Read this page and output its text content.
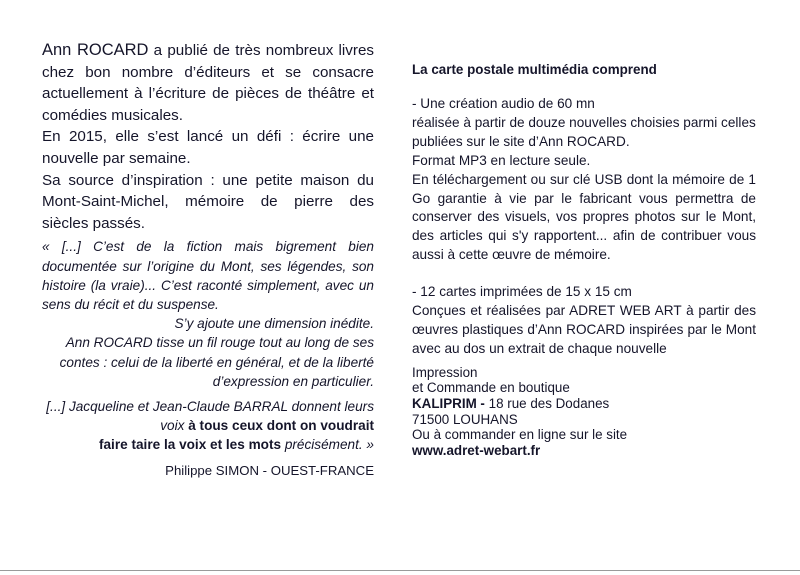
Ann ROCARD a publié de très nombreux livres chez bon nombre d’éditeurs et se consacre actuellement à l’écriture de pièces de théâtre et comédies musicales.

En 2015, elle s’est lancé un défi : écrire une nouvelle par semaine.

Sa source d’inspiration : une petite maison du Mont-Saint-Michel, mémoire de pierre des siècles passés.

« [...] C’est de la fiction mais bigrement bien documentée sur l’origine du Mont, ses légendes, son histoire (la vraie)... C’est raconté simplement, avec un sens du récit et du suspense.

S’y ajoute une dimension inédite.

Ann ROCARD tisse un fil rouge tout au long de ses contes : celui de la liberté en général, et de la liberté d’expression en particulier.

[...] Jacqueline et Jean-Claude BARRAL donnent leurs voix à tous ceux dont on voudrait
faire taire la voix et les mots précisément. »

Philippe SIMON - OUEST-FRANCE

La carte postale multimédia comprend

- Une création audio de 60 mn

réalisée à partir de douze nouvelles choisies parmi celles publiées sur le site d’Ann ROCARD.

Format MP3 en lecture seule.

En téléchargement ou sur clé USB dont la mémoire de 1 Go garantie à vie par le fabricant vous permettra de conserver des visuels, vos propres photos sur le Mont, des articles qui s'y rapportent... afin de contribuer vous aussi à cette œuvre de mémoire.

- 12 cartes imprimées de 15 x 15 cm

Conçues et réalisées par ADRET WEB ART à partir des œuvres plastiques d’Ann ROCARD inspirées par le Mont avec au dos un extrait de chaque nouvelle

Impression
et Commande en boutique
KALIPRIM - 18 rue des Dodanes
71500 LOUHANS
Ou à commander en ligne sur le site
www.adret-webart.fr
